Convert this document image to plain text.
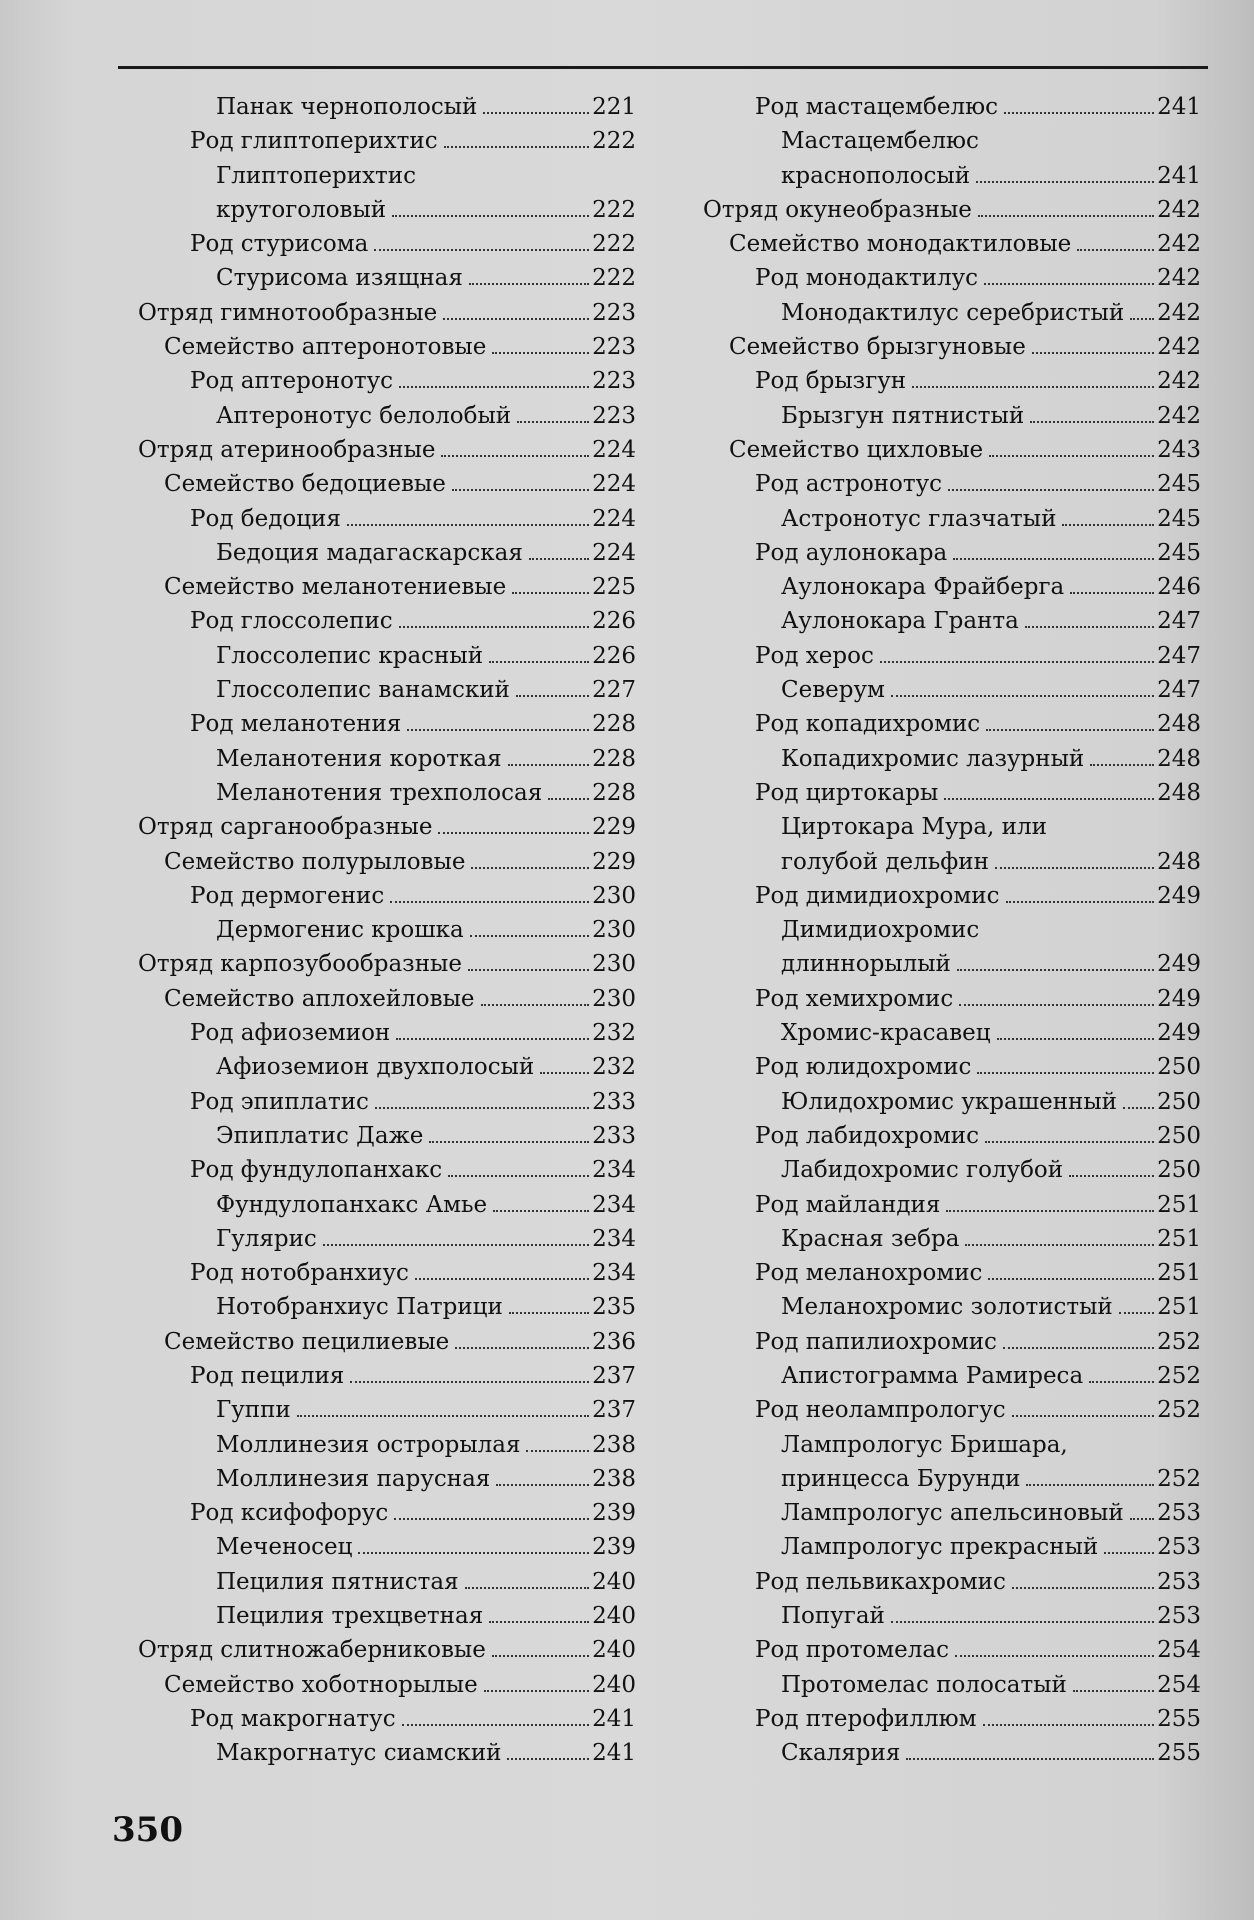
Панак чернополосый	221
Род глиптоперихтис	222
Глиптоперихтис
крутоголовый	222
Род стурисома	222
Стурисома изящная	222
Отряд гимнотообразные	223
Семейство аптеронотовые	223
Род аптеронотус	223
Аптеронотус белолобый	223
Отряд атеринообразные	224
Семейство бедоциевые	224
Род бедоция	224
Бедоция мадагаскарская	224
Семейство меланотениевые	225
Род глоссолепис	226
Глоссолепис красный	226
Глоссолепис ванамский	227
Род меланотения	228
Меланотения короткая	228
Меланотения трехполосая 228
Отряд сарганообразные	229
Семейство полурыловые	229
Род дермогенис	230
Дермогенис крошка	230
Отряд карпозубообразные	230
Семейство аплохейловые	230
Род афиоземион	232
Афиоземион двухполосый	232
Род эпиплатис	233
Эпиплатис Даже	233
Род фундулопанхакс	234
Фундулопанхакс Амье	234
Гулярис	234
Род нотобранхиус	234
Нотобранхиус Патрици	235
Семейство пецилиевые	236
Род пецилия	237
Гуппи	237
Моллинезия острорылая	238
Моллинезия парусная	238
Род ксифофорус	239
Меченосец	239
Пецилия пятнистая	240
Пецилия трехцветная	240
Отряд слитножаберниковые	240
Семейство хоботнорылые	240
Род макрогнатус	241
Макрогнатус сиамский	241
Род мастацембелюс	241
Мастацембелюс
краснополосый	241
Отряд окунеобразные	242
Семейство монодактиловые	242
Род монодактилус	242
Монодактилус серебристый 242
Семейство брызгуновые	242
Род брызгун	242
Брызгун пятнистый	242
Семейство цихловые	243
Род астронотус	245
Астронотус глазчатый	245
Род аулонокара	245
Аулонокара Фрайберга	246
Аулонокара Гранта	247
Род херос	247
Северум	247
Род копадихромис	248
Копадихромис лазурный	248
Род циртокары	248
Циртокара Мура, или
голубой дельфин	248
Род димидиохромис	249
Димидиохромис
длиннорылый	249
Род хемихромис	249
Хромис-красавец	249
Род юлидохромис	250
Юлидохромис украшенный 250
Род лабидохромис	250
Лабидохромис голубой	250
Род майландия	251
Красная зебра	251
Род меланохромис	251
Меланохромис золотистый 251
Род папилиохромис	252
Апистограмма Рамиреса	252
Род неолампрологус	252
Лампрологус Бришара,
принцесса Бурунди	252
Лампрологус апельсиновый 253
Лампрологус прекрасный	253
Род пельвикахромис	253
Попугай	253
Род протомелас	254
Протомелас полосатый	254
Род птерофиллюм	255
Скалярия	255
350
